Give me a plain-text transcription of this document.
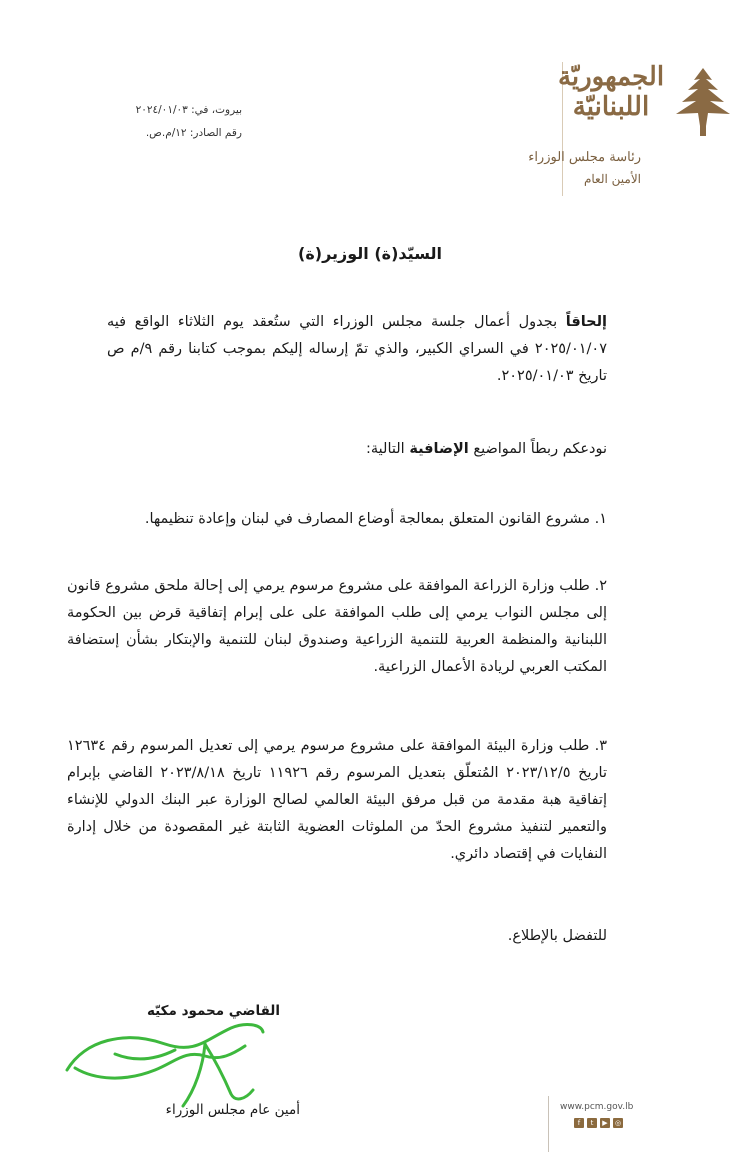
الجمهوريّة اللبنانيّة
رئاسة مجلس الوزراء
الأمين العام
بيروت، في: ٢٠٢٤/٠١/٠٣
رقم الصادر: ١٢/م.ص.
السيّد(ة) الوزير(ة)
إلحاقاً بجدول أعمال جلسة مجلس الوزراء التي ستُعقد يوم الثلاثاء الواقع فيه ٢٠٢٥/٠١/٠٧ في السراي الكبير، والذي تمّ إرساله إليكم بموجب كتابنا رقم ٩/م ص تاريخ ٢٠٢٥/٠١/٠٣.
نودعكم ربطاً المواضيع الإضافية التالية:
١. مشروع القانون المتعلق بمعالجة أوضاع المصارف في لبنان وإعادة تنظيمها.
٢. طلب وزارة الزراعة الموافقة على مشروع مرسوم يرمي إلى إحالة ملحق مشروع قانون إلى مجلس النواب يرمي إلى طلب الموافقة على على إبرام إتفاقية قرض بين الحكومة اللبنانية والمنظمة العربية للتنمية الزراعية وصندوق لبنان للتنمية والإبتكار بشأن إستضافة المكتب العربي لريادة الأعمال الزراعية.
٣. طلب وزارة البيئة الموافقة على مشروع مرسوم يرمي إلى تعديل المرسوم رقم ١٢٦٣٤ تاريخ ٢٠٢٣/١٢/٥ المُتعلّق بتعديل المرسوم رقم ١١٩٢٦ تاريخ ٢٠٢٣/٨/١٨ القاضي بإبرام إتفاقية هبة مقدمة من قبل مرفق البيئة العالمي لصالح الوزارة عبر البنك الدولي للإنشاء والتعمير لتنفيذ مشروع الحدّ من الملوثات العضوية الثابتة غير المقصودة من خلال إدارة النفايات في إقتصاد دائري.
للتفضل بالإطلاع.
القاضي محمود مكيّه
أمين عام مجلس الوزراء	www.pcm.gov.lb
f	t	▶	◎
